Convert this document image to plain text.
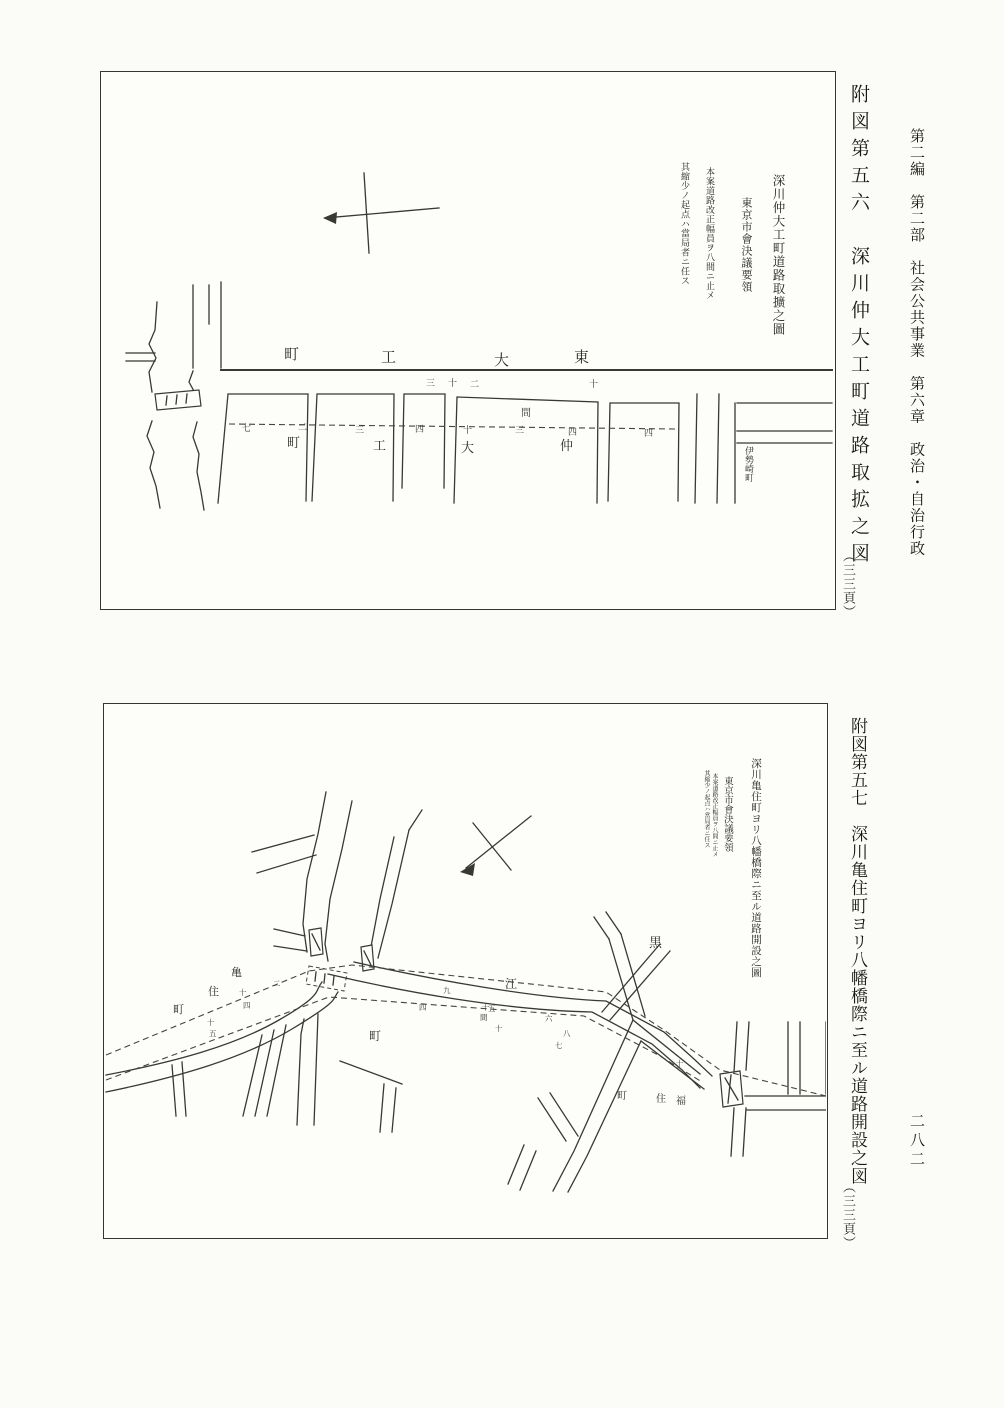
深川仲大工町道路取擴之圖
東京市會決議要領
本案道路改正幅員ヲ八間ニ止メ
其縮少ノ起点ハ當局者ニ任ス
町	工	大	東
三 十 二	十
七	二	三	四	十	三	四	四
間
町	工	大	仲	伊勢崎町
深川亀住町ヨリ八幡橋際ニ至ル道路開設之圖
東京市會決議要領
本案道路改正幅員ヲ八間ニ止メ
其縮少ノ起点ハ當局者ニ任ス
黒
江
町
亀
住
町
福
住
町
十
四
二
十
五
四
九
十
五
間
十
六
七
八
十
附図第五六　深川仲大工町道路取拡之図
（三三頁）
第二編　第二部　社会公共事業　第六章　政治・自治行政
附図第五七　深川亀住町ヨリ八幡橋際ニ至ル道路開設之図
（三三頁）
二八二
